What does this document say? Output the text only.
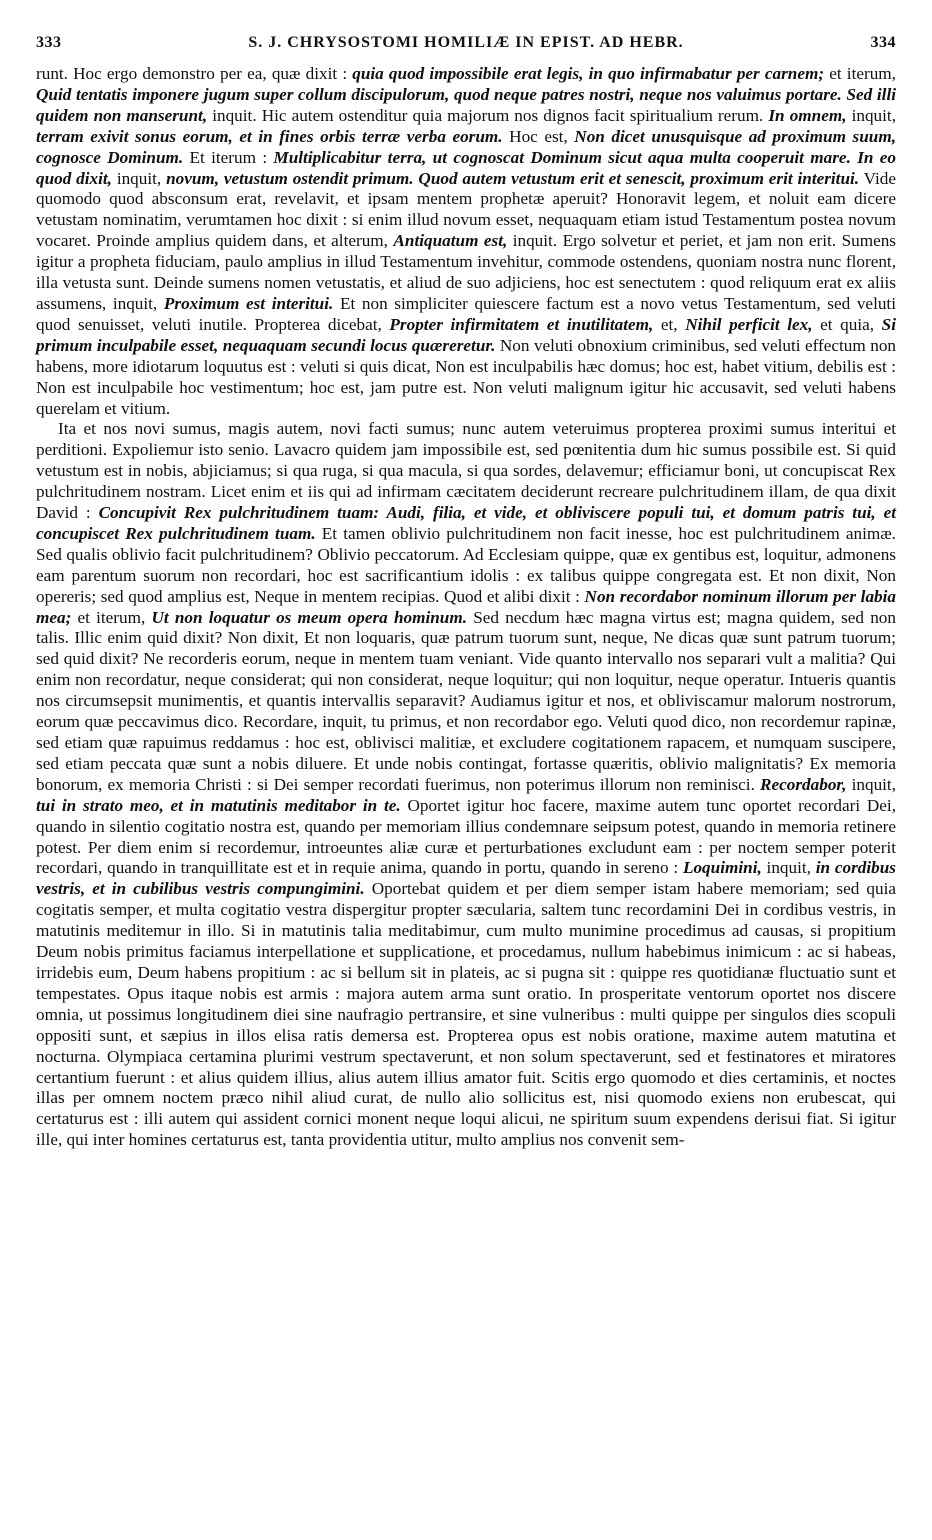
333	S. J. CHRYSOSTOMI HOMILIÆ IN EPIST. AD HEBR.	334

runt. Hoc ergo demonstro per ea, quæ dixit : quia quod impossibile erat legis, in quo infirmabatur per carnem; et iterum, Quid tentatis imponere jugum super collum discipulorum, quod neque patres nostri, neque nos valuimus portare. Sed illi quidem non manserunt, inquit. Hic autem ostenditur quia majorum nos dignos facit spiritualium rerum. In omnem, inquit, terram exivit sonus eorum, et in fines orbis terræ verba eorum. Hoc est, Non dicet unusquisque ad proximum suum, cognosce Dominum. Et iterum : Multiplicabitur terra, ut cognoscat Dominum sicut aqua multa cooperuit mare. In eo quod dixit, inquit, novum, vetustum ostendit primum. Quod autem vetustum erit et senescit, proximum erit interitui. Vide quomodo quod absconsum erat, revelavit, et ipsam mentem prophetæ aperuit? Honoravit legem, et noluit eam dicere vetustam nominatim, verumtamen hoc dixit : si enim illud novum esset, nequaquam etiam istud Testamentum postea novum vocaret. Proinde amplius quidem dans, et alterum, Antiquatum est, inquit. Ergo solvetur et periet, et jam non erit. Sumens igitur a propheta fiduciam, paulo amplius in illud Testamentum invehitur, commode ostendens, quoniam nostra nunc florent, illa vetusta sunt. Deinde sumens nomen vetustatis, et aliud de suo adjiciens, hoc est senectutem : quod reliquum erat ex aliis assumens, inquit, Proximum est interitui. Et non simpliciter quiescere factum est a novo vetus Testamentum, sed veluti quod senuisset, veluti inutile. Propterea dicebat, Propter infirmitatem et inutilitatem, et, Nihil perficit lex, et quia, Si primum inculpabile esset, nequaquam secundi locus quæreretur. Non veluti obnoxium criminibus, sed veluti effectum non habens, more idiotarum loquutus est : veluti si quis dicat, Non est inculpabilis hæc domus; hoc est, habet vitium, debilis est : Non est inculpabile hoc vestimentum; hoc est, jam putre est. Non veluti malignum igitur hic accusavit, sed veluti habens querelam et vitium.

Ita et nos novi sumus, magis autem, novi facti sumus; nunc autem veteruimus propterea proximi sumus interitui et perditioni. Expoliemur isto senio. Lavacro quidem jam impossibile est, sed pœnitentia dum hic sumus possibile est. Si quid vetustum est in nobis, abjiciamus; si qua ruga, si qua macula, si qua sordes, delavemur; efficiamur boni, ut concupiscat Rex pulchritudinem nostram. Licet enim et iis qui ad infirmam cæcitatem deciderunt recreare pulchritudinem illam, de qua dixit David : Concupivit Rex pulchritudinem tuam: Audi, filia, et vide, et obliviscere populi tui, et domum patris tui, et concupiscet Rex pulchritudinem tuam. Et tamen oblivio pulchritudinem non facit inesse, hoc est pulchritudinem animæ. Sed qualis oblivio facit pulchritudinem? Oblivio peccatorum. Ad Ecclesiam quippe, quæ ex gentibus est, loquitur, admonens eam parentum suorum non recordari, hoc est sacrificantium idolis : ex talibus quippe congregata est. Et non dixit, Non opereris; sed quod amplius est, Neque in mentem recipias. Quod et alibi dixit : Non recordabor nominum illorum per labia mea; et iterum, Ut non loquatur os meum opera hominum. Sed necdum hæc magna virtus est; magna quidem, sed non talis. Illic enim quid dixit? Non dixit, Et non loquaris, quæ patrum tuorum sunt, neque, Ne dicas quæ sunt patrum tuorum; sed quid dixit? Ne recorderis eorum, neque in mentem tuam veniant. Vide quanto intervallo nos separari vult a malitia? Qui enim non recordatur, neque considerat; qui non considerat, neque loquitur; qui non loquitur, neque operatur. Intueris quantis nos circumsepsit munimentis, et quantis intervallis separavit? Audiamus igitur et nos, et obliviscamur malorum nostrorum, eorum quæ peccavimus dico. Recordare, inquit, tu primus, et non recordabor ego. Veluti quod dico, non recordemur rapinæ, sed etiam quæ rapuimus reddamus : hoc est, oblivisci malitiæ, et excludere cogitationem rapacem, et numquam suscipere, sed etiam peccata quæ sunt a nobis diluere. Et unde nobis contingat, fortasse quæritis, oblivio malignitatis? Ex memoria bonorum, ex memoria Christi : si Dei semper recordati fuerimus, non poterimus illorum non reminisci. Recordabor, inquit, tui in strato meo, et in matutinis meditabor in te. Oportet igitur hoc facere, maxime autem tunc oportet recordari Dei, quando in silentio cogitatio nostra est, quando per memoriam illius condemnare seipsum potest, quando in memoria retinere potest. Per diem enim si recordemur, introeuntes aliæ curæ et perturbationes excludunt eam : per noctem semper poterit recordari, quando in tranquillitate est et in requie anima, quando in portu, quando in sereno : Loquimini, inquit, in cordibus vestris, et in cubilibus vestris compungimini. Oportebat quidem et per diem semper istam habere memoriam; sed quia cogitatis semper, et multa cogitatio vestra dispergitur propter sæcularia, saltem tunc recordamini Dei in cordibus vestris, in matutinis meditemur in illo. Si in matutinis talia meditabimur, cum multo munimine procedimus ad causas, si propitium Deum nobis primitus faciamus interpellatione et supplicatione, et procedamus, nullum habebimus inimicum : ac si habeas, irridebis eum, Deum habens propitium : ac si bellum sit in plateis, ac si pugna sit : quippe res quotidianæ fluctuatio sunt et tempestates. Opus itaque nobis est armis : majora autem arma sunt oratio. In prosperitate ventorum oportet nos discere omnia, ut possimus longitudinem diei sine naufragio pertransire, et sine vulneribus : multi quippe per singulos dies scopuli oppositi sunt, et sæpius in illos elisa ratis demersa est. Propterea opus est nobis oratione, maxime autem matutina et nocturna. Olympiaca certamina plurimi vestrum spectaverunt, et non solum spectaverunt, sed et festinatores et miratores certantium fuerunt : et alius quidem illius, alius autem illius amator fuit. Scitis ergo quomodo et dies certaminis, et noctes illas per omnem noctem præco nihil aliud curat, de nullo alio sollicitus est, nisi quomodo exiens non erubescat, qui certaturus est : illi autem qui assident cornici monent neque loqui alicui, ne spiritum suum expendens derisui fiat. Si igitur ille, qui inter homines certaturus est, tanta providentia utitur, multo amplius nos convenit sem-
